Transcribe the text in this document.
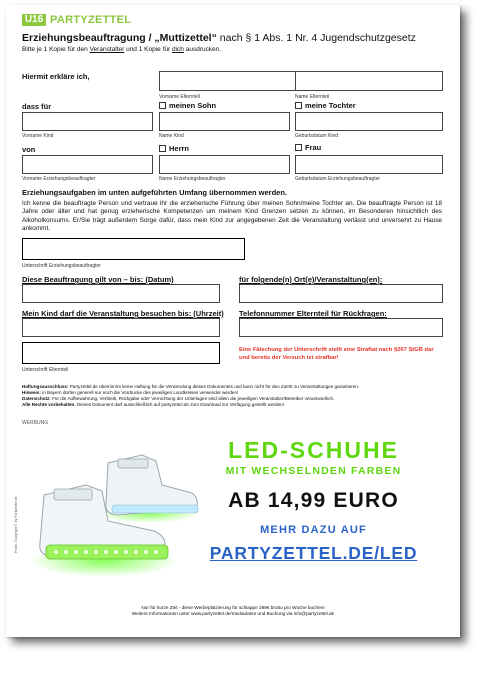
U16 PARTYZETTEL
Erziehungsbeauftragung / „Muttizettel“ nach § 1 Abs. 1 Nr. 4 Jugendschutzgesetz
Bitte je 1 Kopie für den Veranstalter und 1 Kopie für dich ausdrucken.
Hiermit erkläre ich,
Vorname Elternteil	Name Elternteil
dass für	meinen Sohn	meine Tochter
Vorname Kind	Name Kind	Geburtsdatum Kind
von	Herrn	Frau
Vorname Erziehungsbeauftragter	Name Erziehungsbeauftragter	Geburtsdatum Erziehungsbeauftragter
Erziehungsaufgaben im unten aufgeführten Umfang übernommen werden.
Ich kenne die beauftragte Person und vertraue ihr die erzieherische Führung über meinen Sohn/meine Tochter an. Die beauftragte Person ist 18 Jahre oder älter und hat genug erzieherische Kompetenzen um meinem Kind Grenzen setzen zu können, im Besonderen hinsichtlich des Alkoholkonsums. Er/Sie trägt außerdem Sorge dafür, dass mein Kind zur angegebenen Zeit die Veranstaltung verlässt und unversehrt zu Hause ankommt.
Unterschrift Erziehungsbeauftragter
Diese Beauftragung gilt von – bis: (Datum)	für folgende(n) Ort(e)/Veranstaltung(en):
Mein Kind darf die Veranstaltung besuchen bis: (Uhrzeit) Telefonnummer Elternteil für Rückfragen:
Unterschrift Elternteil
Eine Fälschung der Unterschrift stellt eine Straftat nach §267 StGB dar und bereits der Versuch ist strafbar!
Haftungsausschluss: Partyzettel.de übernimmt keine Haftung für die Verwendung dieses Dokumentes und kann nicht für den Zutritt zu Veranstaltungen garantieren.
Hinweis: in Bayern dürfen generell nur noch die Vordrucke des jeweiligen Landkreises verwendet werden!
Datenschutz: Für die Aufbewahrung, Verbleib, Rückgabe oder Vernichtung der Unterlagen sind allein die jeweiligen Veranstalter/Betreiber verantwortlich.
Alle Rechte vorbehalten. Dieses Dokument darf ausschließlich auf partyzettel.de zum Download zur Verfügung gestellt werden!
WERBUNG
Photo: Copyright © by Partyzettel.de
LED-SCHUHE
MIT WECHSELNDEN FARBEN
AB 14,99 EURO
MEHR DAZU AUF
PARTYZETTEL.DE/LED
Nur für kurze Zeit - diese Werbeplatzierung für schlappe 299€ brutto pro Woche buchen!
Weitere Informationen unter www.partyzettel.de/mediadaten und Buchung via info@partyzettel.de
